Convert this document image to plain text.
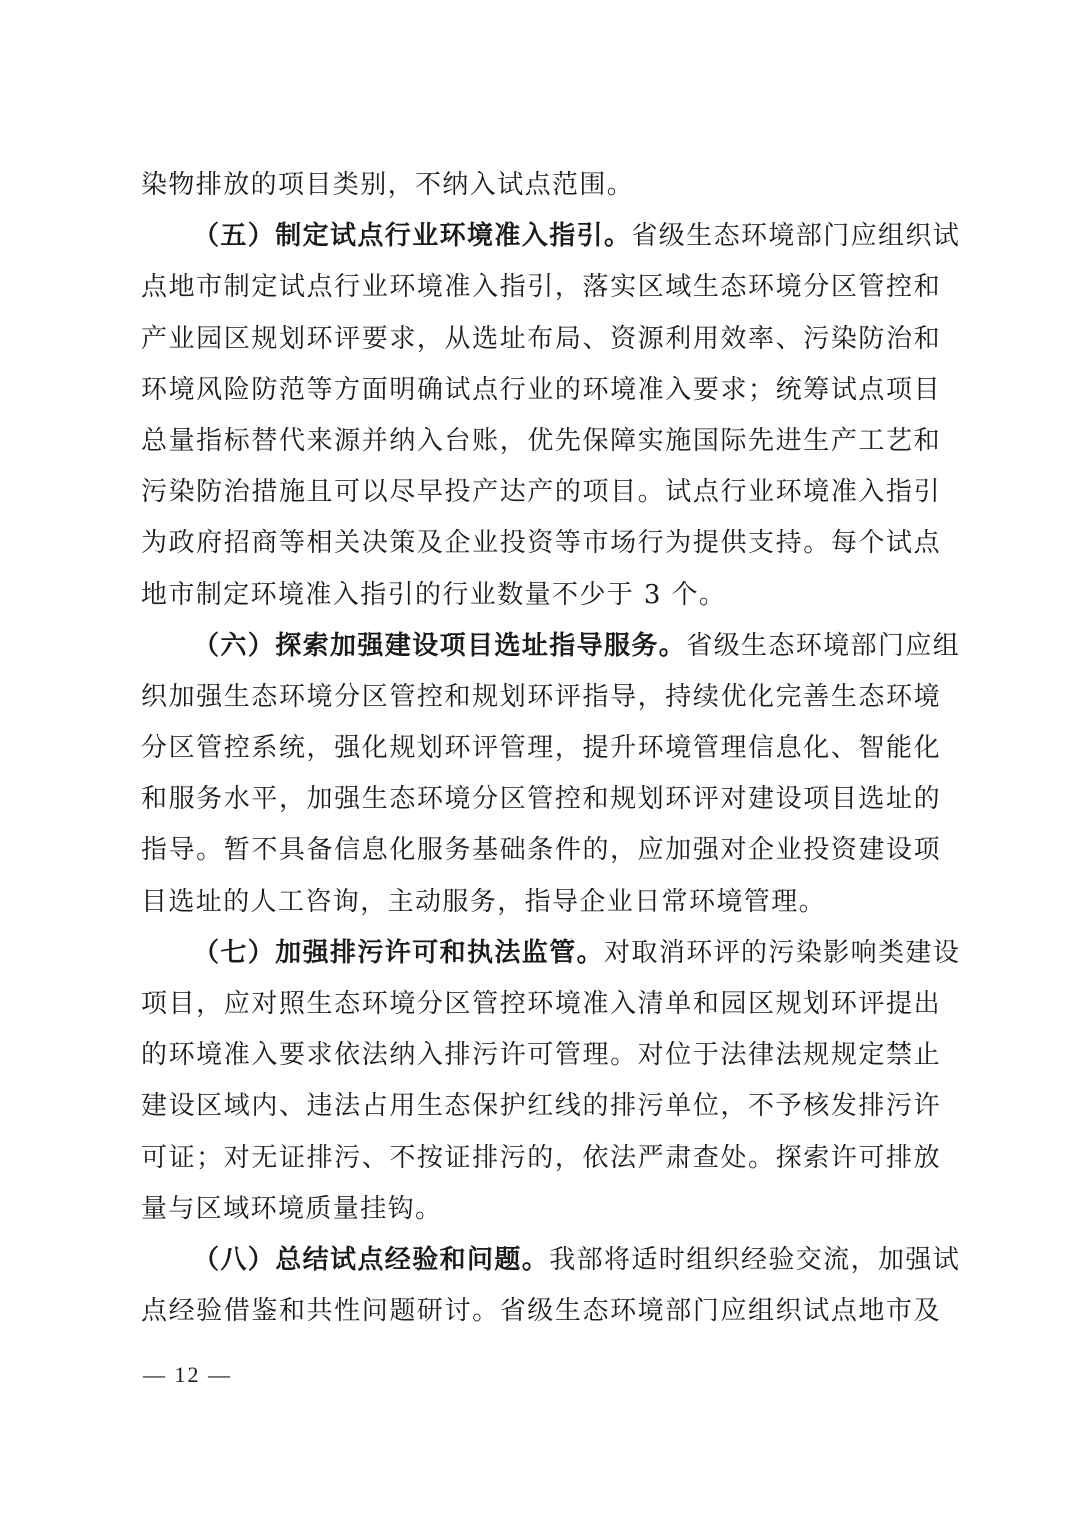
染物排放的项目类别，不纳入试点范围。
（五）制定试点行业环境准入指引。省级生态环境部门应组织试
点地市制定试点行业环境准入指引，落实区域生态环境分区管控和
产业园区规划环评要求，从选址布局、资源利用效率、污染防治和
环境风险防范等方面明确试点行业的环境准入要求；统筹试点项目
总量指标替代来源并纳入台账，优先保障实施国际先进生产工艺和
污染防治措施且可以尽早投产达产的项目。试点行业环境准入指引
为政府招商等相关决策及企业投资等市场行为提供支持。每个试点
地市制定环境准入指引的行业数量不少于 3 个。
（六）探索加强建设项目选址指导服务。省级生态环境部门应组
织加强生态环境分区管控和规划环评指导，持续优化完善生态环境
分区管控系统，强化规划环评管理，提升环境管理信息化、智能化
和服务水平，加强生态环境分区管控和规划环评对建设项目选址的
指导。暂不具备信息化服务基础条件的，应加强对企业投资建设项
目选址的人工咨询，主动服务，指导企业日常环境管理。
（七）加强排污许可和执法监管。对取消环评的污染影响类建设
项目，应对照生态环境分区管控环境准入清单和园区规划环评提出
的环境准入要求依法纳入排污许可管理。对位于法律法规规定禁止
建设区域内、违法占用生态保护红线的排污单位，不予核发排污许
可证；对无证排污、不按证排污的，依法严肃查处。探索许可排放
量与区域环境质量挂钩。
（八）总结试点经验和问题。我部将适时组织经验交流，加强试
点经验借鉴和共性问题研讨。省级生态环境部门应组织试点地市及
— 12 —
